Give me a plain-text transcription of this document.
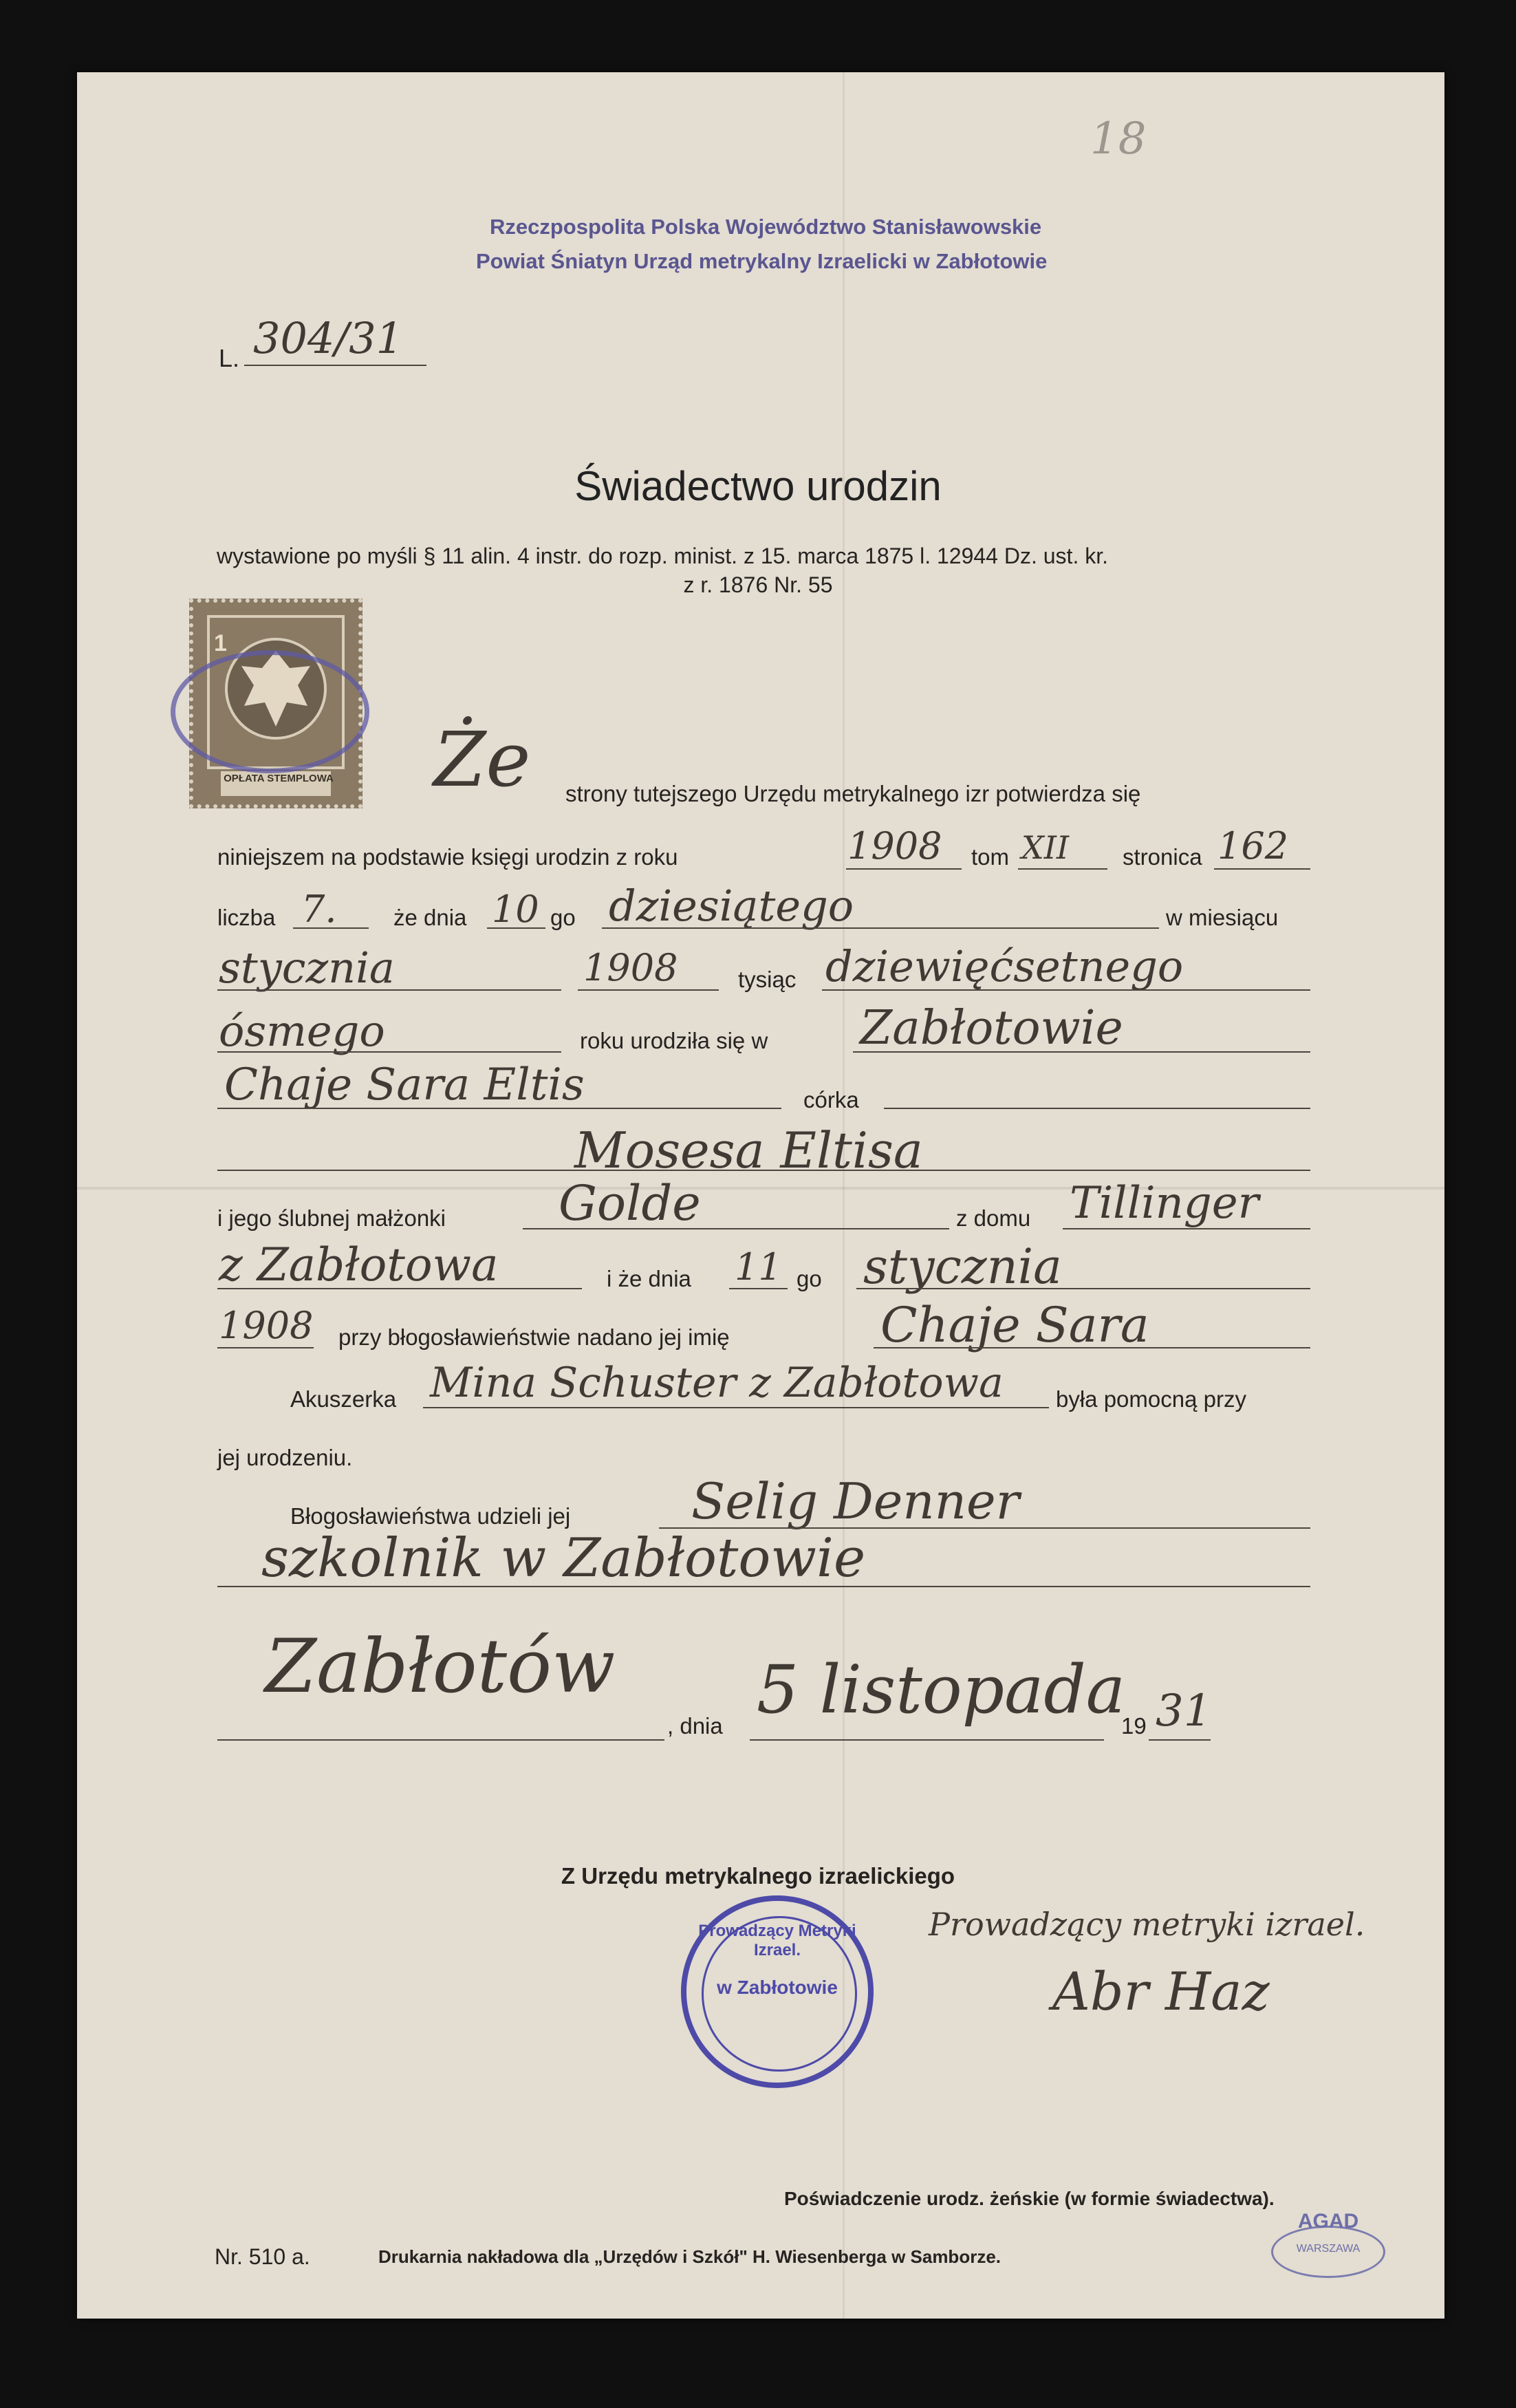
18
Rzeczpospolita Polska Województwo Stanisławowskie
Powiat Śniatyn Urząd metrykalny Izraelicki w Zabłotowie
L. 304/31
Świadectwo urodzin
wystawione po myśli § 11 alin. 4 instr. do rozp. minist. z 15. marca 1875 l. 12944 Dz. ust. kr.
z r. 1876 Nr. 55
1
OPŁATA STEMPLOWA Że strony tutejszego Urzędu metrykalnego izr potwierdza się
niniejszem na podstawie księgi urodzin z roku	1908 tom XII stronica 162
liczba 7. że dnia 10 go dziesiątego	w miesiącu
stycznia	1908	tysiąc dziewięćsetnego
ósmego	roku urodziła się w Zabłotowie
Chaje Sara Eltis	córka
Mosesa Eltisa
i jego ślubnej małżonki Golde	z domu Tillinger
z Zabłotowa	i że dnia 11 go stycznia
1908 przy błogosławieństwie nadano jej imię	Chaje Sara
Akuszerka Mina Schuster z Zabłotowa była pomocną przy
jej urodzeniu.
Błogosławieństwa udzieli jej Selig Denner
szkolnik w Zabłotowie
Zabłotów
, dnia 5 listopada
19 31
Z Urzędu metrykalnego izraelickiego
Prowadzący Metryki Izrael.
w Zabłotowie
Prowadzący metryki izrael.
Abr Haz
Poświadczenie urodz. żeńskie (w formie świadectwa).
Nr. 510 a.	Drukarnia nakładowa dla „Urzędów i Szkół" H. Wiesenberga w Samborze.
AGAD
WARSZAWA
